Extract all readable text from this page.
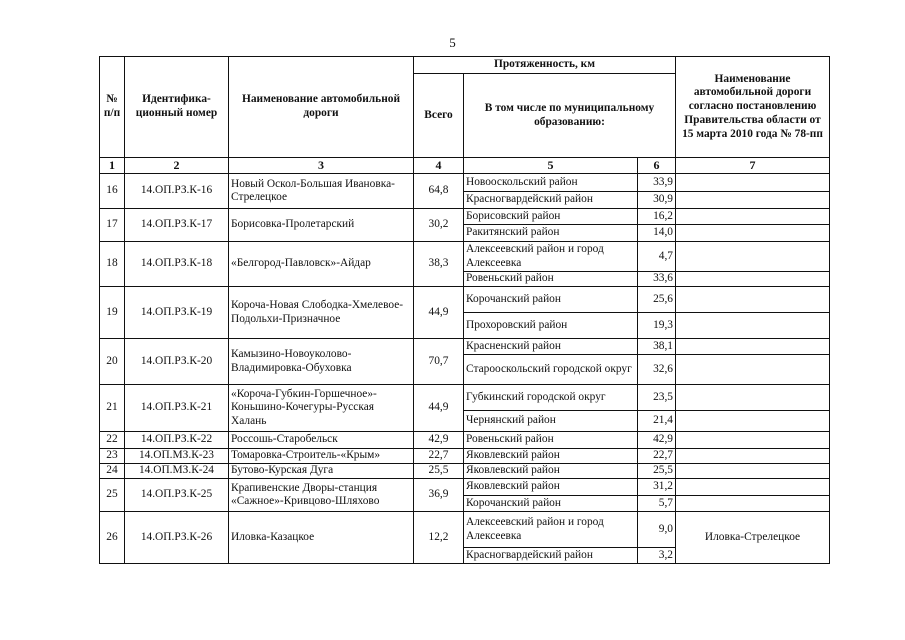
5
№ п/п	Идентифика-ционный номер	Наименование автомобильной дороги	Протяженность, км			Наименование автомобильной дороги согласно постановлению Правительства области от 15 марта 2010 года № 78-пп
			Всего	В том числе по муниципальному образованию:		
1	2	3	4	5	6	7
16	14.ОП.РЗ.К-16	Новый Оскол-Большая Ивановка-Стрелецкое	64,8	Новооскольский район	33,9	
				Красногвардейский район	30,9	
17	14.ОП.РЗ.К-17	Борисовка-Пролетарский	30,2	Борисовский район	16,2	
				Ракитянский район	14,0	
18	14.ОП.РЗ.К-18	«Белгород-Павловск»-Айдар	38,3	Алексеевский район и город Алексеевка	4,7	
				Ровеньский район	33,6	
19	14.ОП.РЗ.К-19	Короча-Новая Слободка-Хмелевое-Подольхи-Призначное	44,9	Корочанский район	25,6	
				Прохоровский район	19,3	
20	14.ОП.РЗ.К-20	Камызино-Новоуколово-Владимировка-Обуховка	70,7	Красненский район	38,1	
				Старооскольский городской округ	32,6	
21	14.ОП.РЗ.К-21	«Короча-Губкин-Горшечное»-Коньшино-Кочегуры-Русская Халань	44,9	Губкинский городской округ	23,5	
				Чернянский район	21,4	
22	14.ОП.РЗ.К-22	Россошь-Старобельск	42,9	Ровеньский район	42,9	
23	14.ОП.МЗ.К-23	Томаровка-Строитель-«Крым»	22,7	Яковлевский район	22,7	
24	14.ОП.МЗ.К-24	Бутово-Курская Дуга	25,5	Яковлевский район	25,5	
25	14.ОП.РЗ.К-25	Крапивенские Дворы-станция «Сажное»-Кривцово-Шляхово	36,9	Яковлевский район	31,2	
				Корочанский район	5,7	
26	14.ОП.РЗ.К-26	Иловка-Казацкое	12,2	Алексеевский район и город Алексеевка	9,0	Иловка-Стрелецкое
				Красногвардейский район	3,2	
